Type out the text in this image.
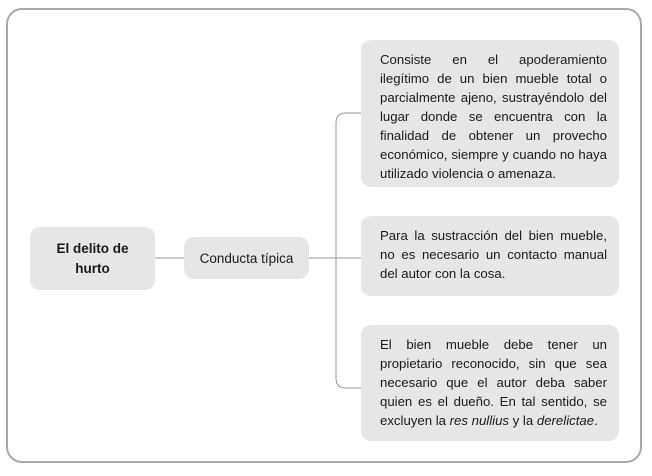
El delito de hurto
Conducta típica

Consiste en el apoderamiento ilegítimo de un bien mueble total o parcialmente ajeno, sustrayéndolo del lugar donde se encuentra con la finalidad de obtener un provecho económico, siempre y cuando no haya utilizado violencia o amenaza.

Para la sustracción del bien mueble, no es necesario un contacto manual del autor con la cosa.

El bien mueble debe tener un propietario reconocido, sin que sea necesario que el autor deba saber quien es el dueño. En tal sentido, se excluyen la res nullius y la derelictae.
